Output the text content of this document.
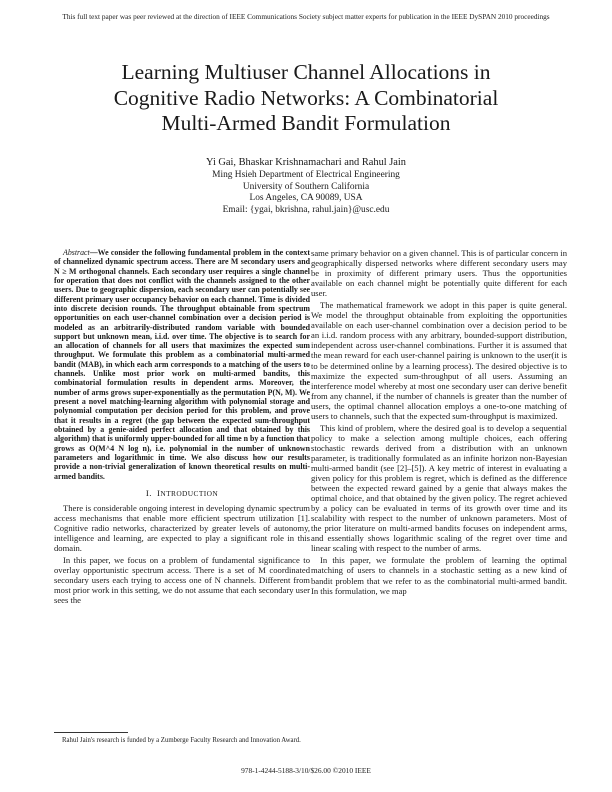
This full text paper was peer reviewed at the direction of IEEE Communications Society subject matter experts for publication in the IEEE DySPAN 2010 proceedings
Learning Multiuser Channel Allocations in
Cognitive Radio Networks: A Combinatorial
Multi-Armed Bandit Formulation
Yi Gai, Bhaskar Krishnamachari and Rahul Jain
Ming Hsieh Department of Electrical Engineering
University of Southern California
Los Angeles, CA 90089, USA
Email: {ygai, bkrishna, rahul.jain}@usc.edu

Abstract—We consider the following fundamental problem in the context of channelized dynamic spectrum access. There are M secondary users and N ≥ M orthogonal channels. Each secondary user requires a single channel for operation that does not conflict with the channels assigned to the other users. Due to geographic dispersion, each secondary user can potentially see different primary user occupancy behavior on each channel. Time is divided into discrete decision rounds. The throughput obtainable from spectrum opportunities on each user-channel combination over a decision period is modeled as an arbitrarily-distributed random variable with bounded support but unknown mean, i.i.d. over time. The objective is to search for an allocation of channels for all users that maximizes the expected sum throughput. We formulate this problem as a combinatorial multi-armed bandit (MAB), in which each arm corresponds to a matching of the users to channels. Unlike most prior work on multi-armed bandits, this combinatorial formulation results in dependent arms. Moreover, the number of arms grows super-exponentially as the permutation P(N, M). We present a novel matching-learning algorithm with polynomial storage and polynomial computation per decision period for this problem, and prove that it results in a regret (the gap between the expected sum-throughput obtained by a genie-aided perfect allocation and that obtained by this algorithm) that is uniformly upper-bounded for all time n by a function that grows as O(M^4 N log n), i.e. polynomial in the number of unknown parameters and logarithmic in time. We also discuss how our results provide a non-trivial generalization of known theoretical results on multi-armed bandits.

I. INTRODUCTION

There is considerable ongoing interest in developing dynamic spectrum access mechanisms that enable more efficient spectrum utilization [1]. Cognitive radio networks, characterized by greater levels of autonomy, intelligence and learning, are expected to play a significant role in this domain.

In this paper, we focus on a problem of fundamental significance to overlay opportunistic spectrum access. There is a set of M coordinated secondary users each trying to access one of N channels. Different from most prior work in this setting, we do not assume that each secondary user sees the

same primary behavior on a given channel. This is of particular concern in geographically dispersed networks where different secondary users may be in proximity of different primary users. Thus the opportunities available on each channel might be potentially quite different for each user.

The mathematical framework we adopt in this paper is quite general. We model the throughput obtainable from exploiting the opportunities available on each user-channel combination over a decision period to be an i.i.d. random process with any arbitrary, bounded-support distribution, independent across user-channel combinations. Further it is assumed that the mean reward for each user-channel pairing is unknown to the user(it is to be determined online by a learning process). The desired objective is to maximize the expected sum-throughput of all users. Assuming an interference model whereby at most one secondary user can derive benefit from any channel, if the number of channels is greater than the number of users, the optimal channel allocation employs a one-to-one matching of users to channels, such that the expected sum-throughput is maximized.

This kind of problem, where the desired goal is to develop a sequential policy to make a selection among multiple choices, each offering stochastic rewards derived from a distribution with an unknown parameter, is traditionally formulated as an infinite horizon non-Bayesian multi-armed bandit (see [2]–[5]). A key metric of interest in evaluating a given policy for this problem is regret, which is defined as the difference between the expected reward gained by a genie that always makes the optimal choice, and that obtained by the given policy. The regret achieved by a policy can be evaluated in terms of its growth over time and its scalability with respect to the number of unknown parameters. Most of the prior literature on multi-armed bandits focuses on independent arms, and essentially shows logarithmic scaling of the regret over time and linear scaling with respect to the number of arms.

In this paper, we formulate the problem of learning the optimal matching of users to channels in a stochastic setting as a new kind of bandit problem that we refer to as the combinatorial multi-armed bandit. In this formulation, we map

Rahul Jain's research is funded by a Zumberge Faculty Research and Innovation Award.
978-1-4244-5188-3/10/$26.00 ©2010 IEEE
